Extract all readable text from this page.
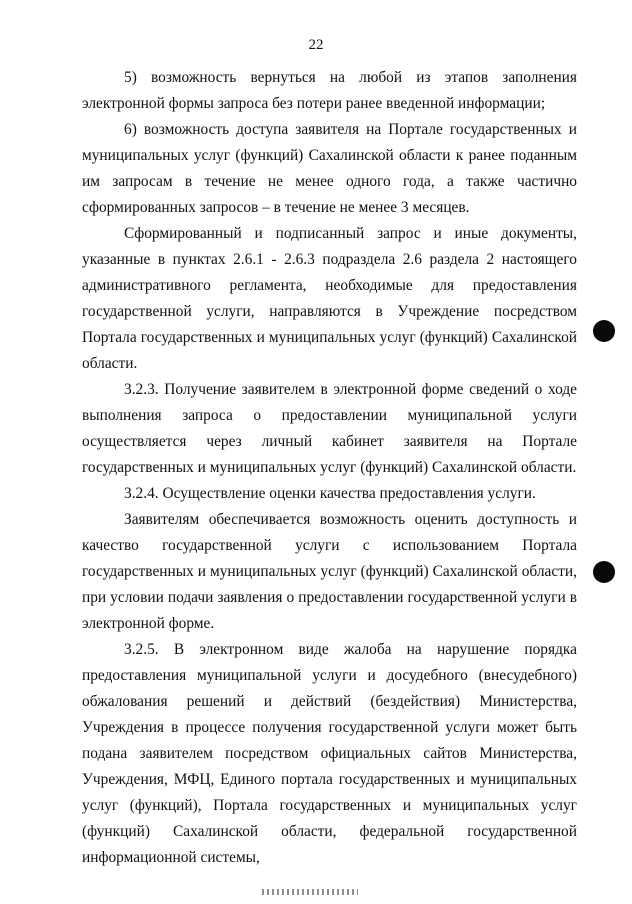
22

5) возможность вернуться на любой из этапов заполнения электронной формы запроса без потери ранее введенной информации;

6) возможность доступа заявителя на Портале государственных и муниципальных услуг (функций) Сахалинской области к ранее поданным им запросам в течение не менее одного года, а также частично сформированных запросов – в течение не менее 3 месяцев.

Сформированный и подписанный запрос и иные документы, указанные в пунктах 2.6.1 - 2.6.3 подраздела 2.6 раздела 2 настоящего административного регламента, необходимые для предоставления государственной услуги, направляются в Учреждение посредством Портала государственных и муниципальных услуг (функций) Сахалинской области.

3.2.3. Получение заявителем в электронной форме сведений о ходе выполнения запроса о предоставлении муниципальной услуги осуществляется через личный кабинет заявителя на Портале государственных и муниципальных услуг (функций) Сахалинской области.

3.2.4. Осуществление оценки качества предоставления услуги.

Заявителям обеспечивается возможность оценить доступность и качество государственной услуги с использованием Портала государственных и муниципальных услуг (функций) Сахалинской области, при условии подачи заявления о предоставлении государственной услуги в электронной форме.

3.2.5. В электронном виде жалоба на нарушение порядка предоставления муниципальной услуги и досудебного (внесудебного) обжалования решений и действий (бездействия) Министерства, Учреждения в процессе получения государственной услуги может быть подана заявителем посредством официальных сайтов Министерства, Учреждения, МФЦ, Единого портала государственных и муниципальных услуг (функций), Портала государственных и муниципальных услуг (функций) Сахалинской области, федеральной государственной информационной системы,
